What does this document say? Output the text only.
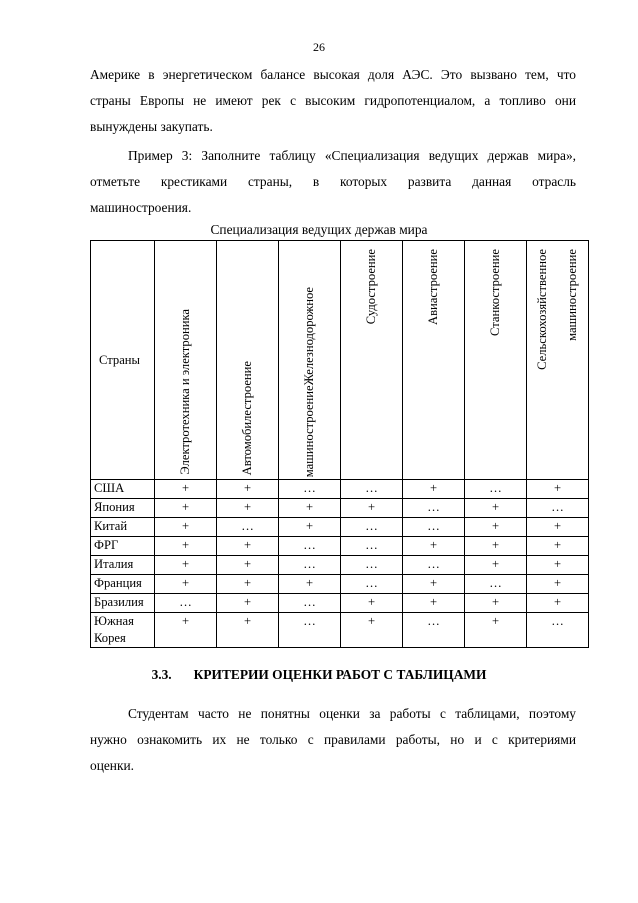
26
Америке в энергетическом балансе высокая доля АЭС. Это вызвано тем, что
страны Европы не имеют рек с высоким гидропотенциалом, а топливо они
вынуждены закупать.
Пример 3: Заполните таблицу «Специализация ведущих держав мира»,
отметьте крестиками страны, в которых развита данная отрасль
машиностроения.
Специализация ведущих держав мира
Страны	Электротехника и электроника	Автомобилестроение	машиностроениеЖелезнодорожное	Судостроение	Авиастроение	Станкостроение	Сельскохозяйственное машиностроение

США	+	+	…	…	+	…	+
Япония	+	+	+	+	…	+	…
Китай	+	…	+	…	…	+	+
ФРГ	+	+	…	…	+	+	+
Италия	+	+	…	…	…	+	+
Франция	+	+	+	…	+	…	+
Бразилия	…	+	…	+	+	+	+

Южная
Корея	+	+	…	+	…	+	…
3.3. КРИТЕРИИ ОЦЕНКИ РАБОТ С ТАБЛИЦАМИ
Студентам часто не понятны оценки за работы с таблицами, поэтому
нужно ознакомить их не только с правилами работы, но и с критериями
оценки.
